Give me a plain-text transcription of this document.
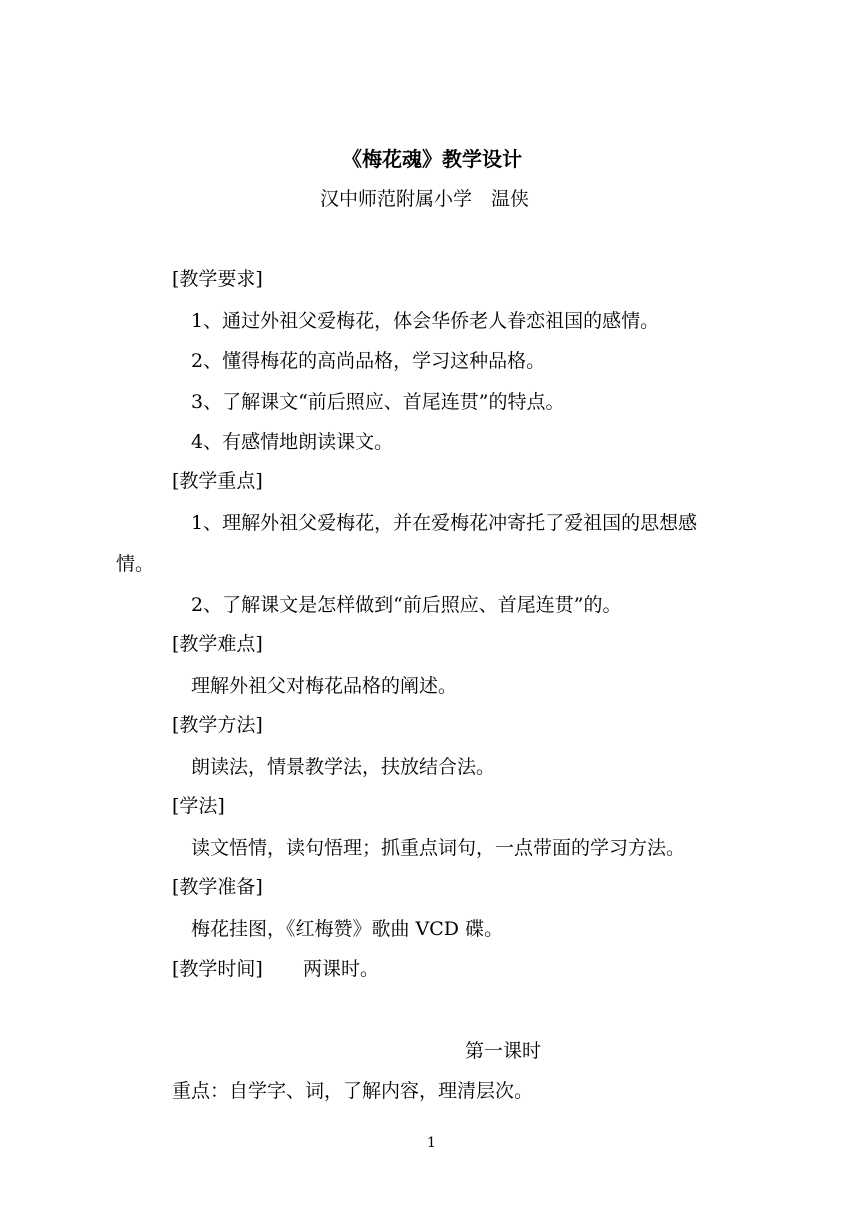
《梅花魂》教学设计
汉中师范附属小学　温侠
[教学要求]
1、通过外祖父爱梅花，体会华侨老人眷恋祖国的感情。
2、懂得梅花的高尚品格，学习这种品格。
3、了解课文“前后照应、首尾连贯”的特点。
4、有感情地朗读课文。
[教学重点]
1、理解外祖父爱梅花，并在爱梅花冲寄托了爱祖国的思想感
情。
2、了解课文是怎样做到“前后照应、首尾连贯”的。
[教学难点]
理解外祖父对梅花品格的阐述。
[教学方法]
朗读法，情景教学法，扶放结合法。
[学法]
读文悟情，读句悟理；抓重点词句，一点带面的学习方法。
[教学准备]
梅花挂图，《红梅赞》歌曲 VCD 碟。
[教学时间] 两课时。
第一课时
重点：自学字、词，了解内容，理清层次。
1
